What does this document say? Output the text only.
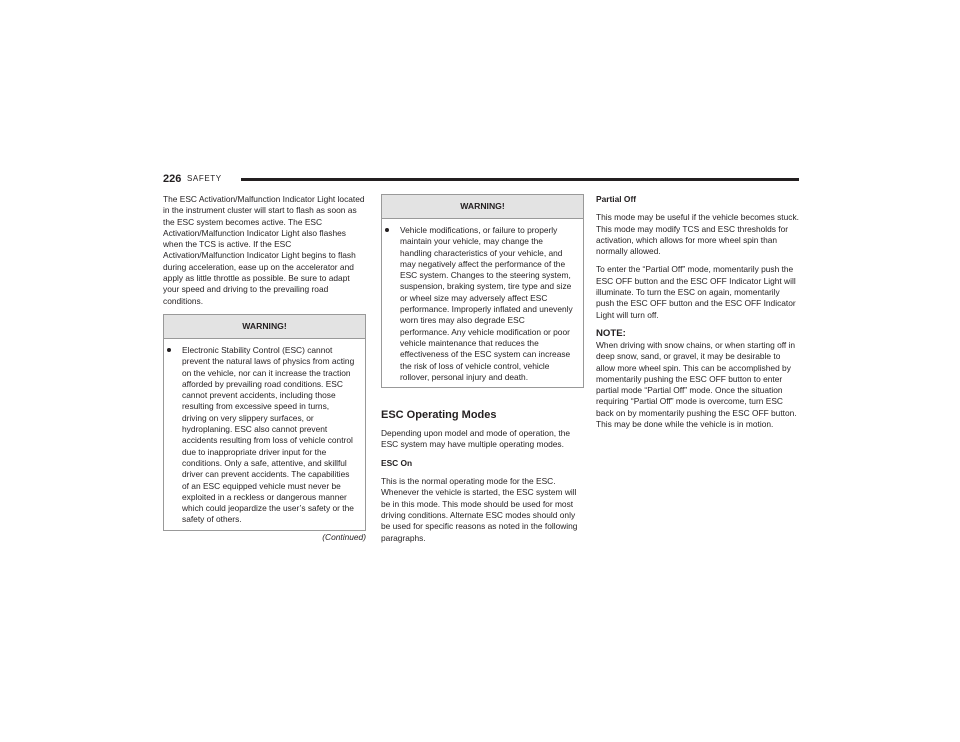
226 SAFETY

The ESC Activation/Malfunction Indicator Light located in the instrument cluster will start to flash as soon as the ESC system becomes active. The ESC Activation/Malfunction Indicator Light also flashes when the TCS is active. If the ESC Activation/Malfunction Indicator Light begins to flash during acceleration, ease up on the accelerator and apply as little throttle as possible. Be sure to adapt your speed and driving to the prevailing road conditions.

WARNING!
Electronic Stability Control (ESC) cannot prevent the natural laws of physics from acting on the vehicle, nor can it increase the traction afforded by prevailing road conditions. ESC cannot prevent accidents, including those resulting from excessive speed in turns, driving on very slippery surfaces, or hydroplaning. ESC also cannot prevent accidents resulting from loss of vehicle control due to inappropriate driver input for the conditions. Only a safe, attentive, and skillful driver can prevent accidents. The capabilities of an ESC equipped vehicle must never be exploited in a reckless or dangerous manner which could jeopardize the user’s safety or the safety of others.
(Continued)
WARNING!
Vehicle modifications, or failure to properly maintain your vehicle, may change the handling characteristics of your vehicle, and may negatively affect the performance of the ESC system. Changes to the steering system, suspension, braking system, tire type and size or wheel size may adversely affect ESC performance. Improperly inflated and unevenly worn tires may also degrade ESC performance. Any vehicle modification or poor vehicle maintenance that reduces the effectiveness of the ESC system can increase the risk of loss of vehicle control, vehicle rollover, personal injury and death.
ESC Operating Modes

Depending upon model and mode of operation, the ESC system may have multiple operating modes.

ESC On

This is the normal operating mode for the ESC. Whenever the vehicle is started, the ESC system will be in this mode. This mode should be used for most driving conditions. Alternate ESC modes should only be used for specific reasons as noted in the following paragraphs.

Partial Off

This mode may be useful if the vehicle becomes stuck. This mode may modify TCS and ESC thresholds for activation, which allows for more wheel spin than normally allowed.

To enter the “Partial Off” mode, momentarily push the ESC OFF button and the ESC OFF Indicator Light will illuminate. To turn the ESC on again, momentarily push the ESC OFF button and the ESC OFF Indicator Light will turn off.

NOTE:

When driving with snow chains, or when starting off in deep snow, sand, or gravel, it may be desirable to allow more wheel spin. This can be accomplished by momentarily pushing the ESC OFF button to enter partial mode “Partial Off” mode. Once the situation requiring “Partial Off” mode is overcome, turn ESC back on by momentarily pushing the ESC OFF button. This may be done while the vehicle is in motion.
